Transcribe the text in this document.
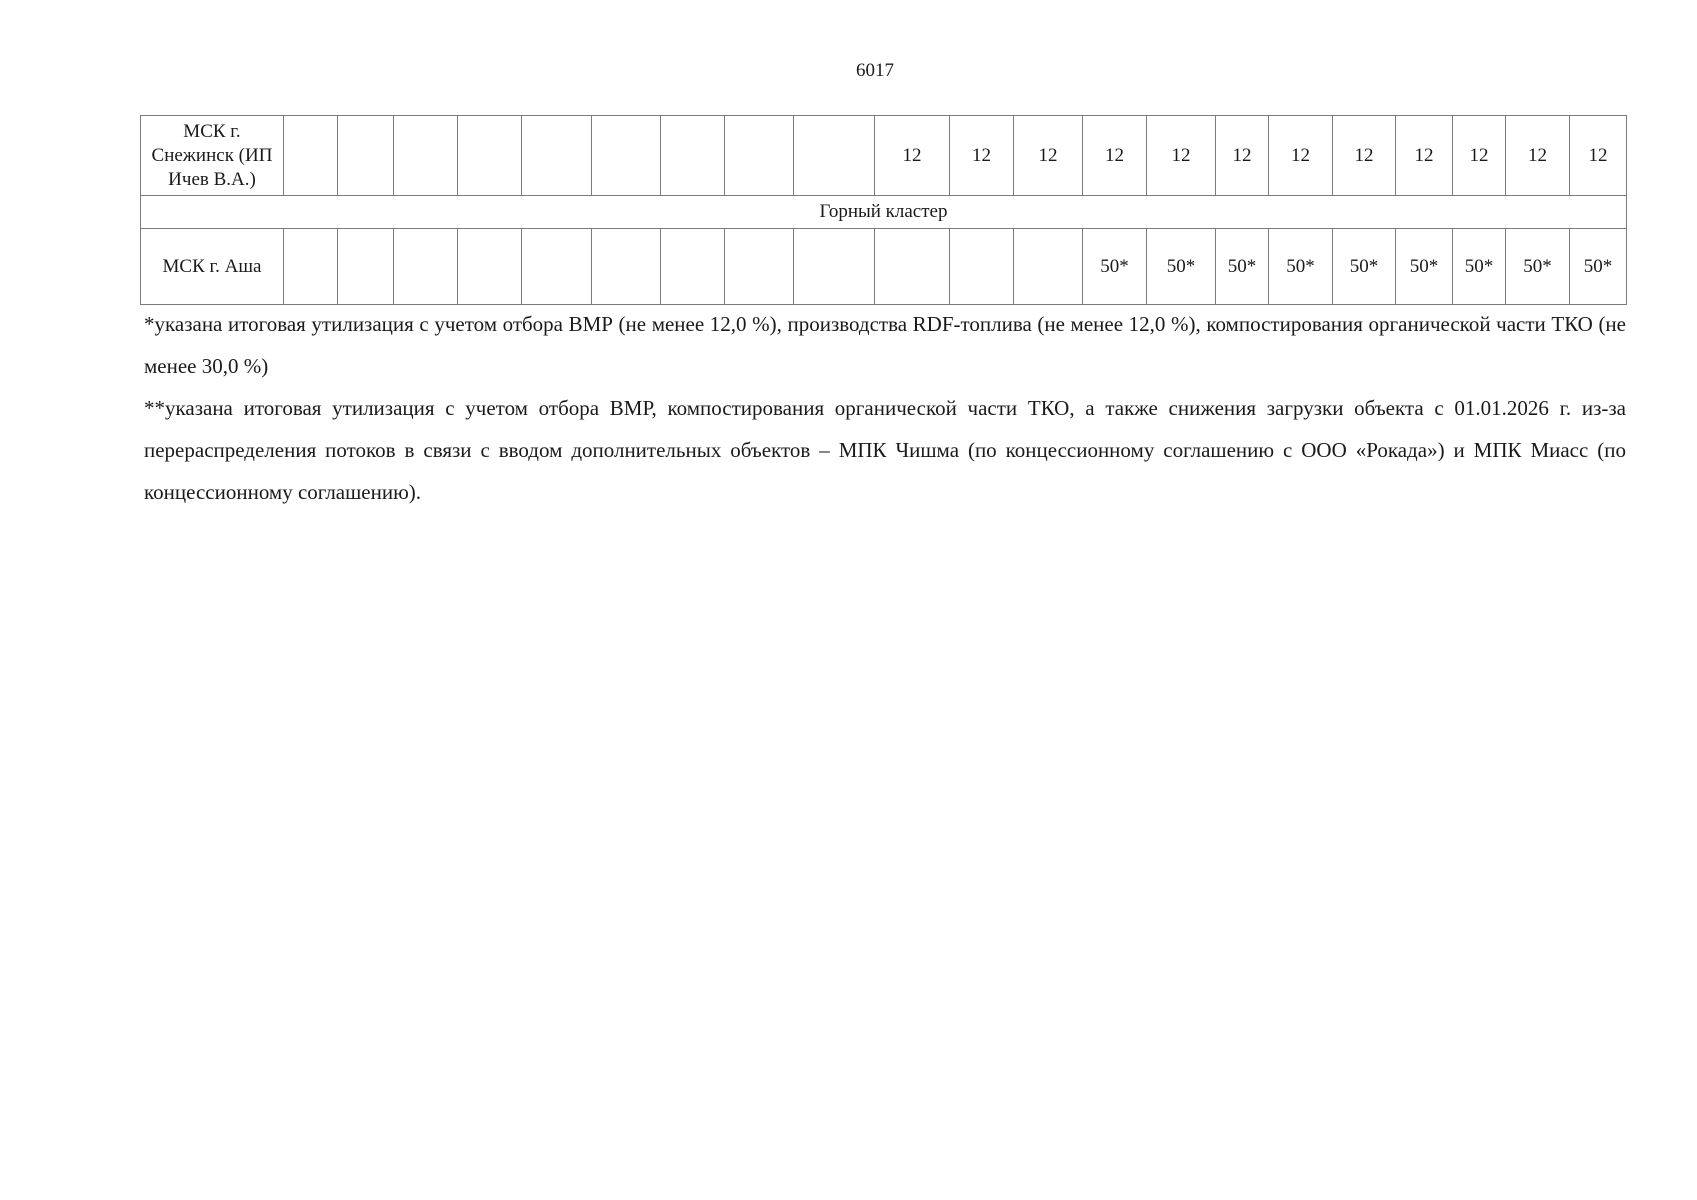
6017
МСК г.
Снежинск (ИП
Ичев В.А.)										12	12	12	12	12	12	12	12	12	12	12	12
Горный кластер																					

МСК г. Аша													50*	50*	50*	50*	50*	50*	50*	50*	50*

*указана итоговая утилизация с учетом отбора ВМР (не менее 12,0 %), производства RDF-топлива (не менее 12,0 %), компостирования органической части ТКО (не менее 30,0 %)

**указана итоговая утилизация с учетом отбора ВМР, компостирования органической части ТКО, а также снижения загрузки объекта с 01.01.2026 г. из-за перераспределения потоков в связи с вводом дополнительных объектов – МПК Чишма (по концессионному соглашению с ООО «Рокада») и МПК Миасс (по концессионному соглашению).
